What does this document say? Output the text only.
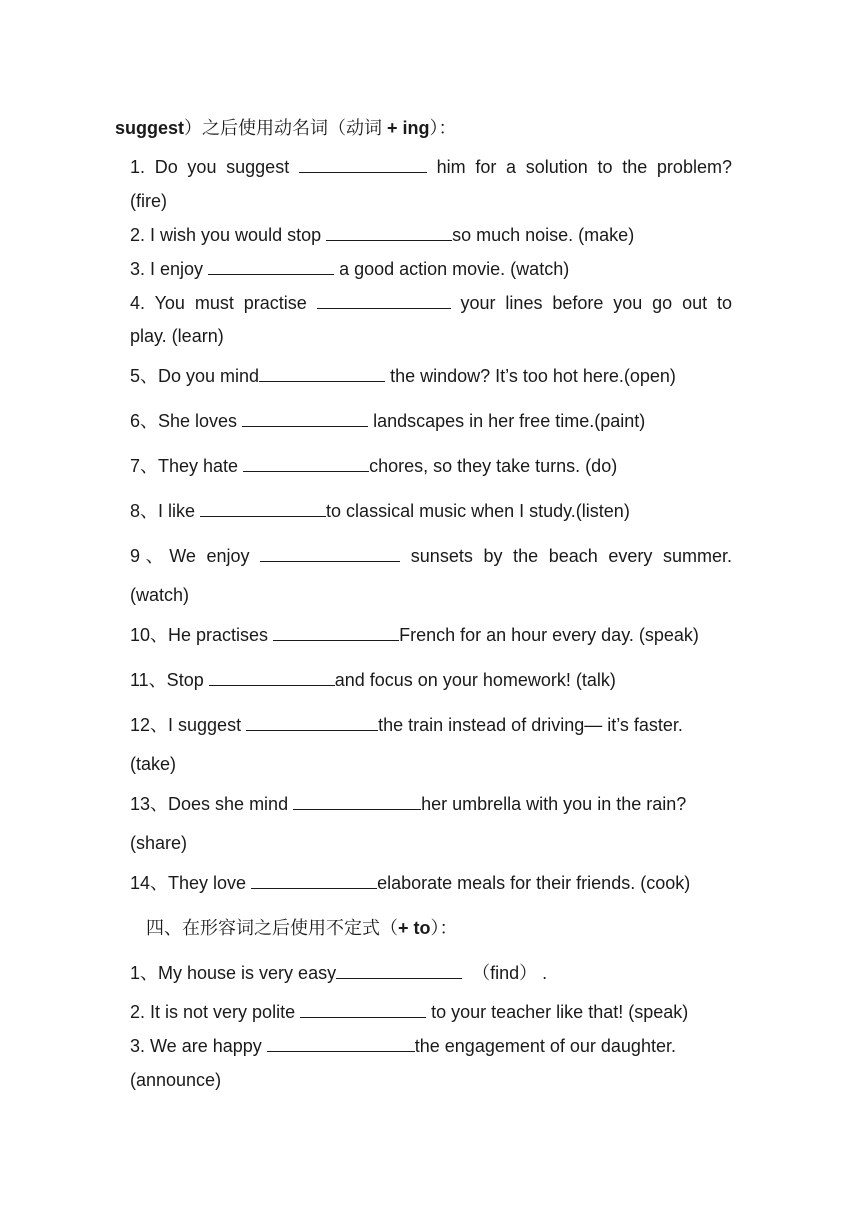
suggest）之后使用动名词（动词 + ing）：
1. Do you suggest	him for a solution to the problem?
(fire)
2. I wish you would stop	so much noise. (make)
3. I enjoy	a good action movie. (watch)
4. You must practise	your lines before you go out to
play. (learn)
5、Do you mind	the window? It’s too hot here.(open)
6、She loves	landscapes in her free time.(paint)
7、They hate	chores, so they take turns. (do)
8、I like	to classical music when I study.(listen)
9、We enjoy	sunsets by the beach every summer.
(watch)
10、He practises	French for an hour every day. (speak)
11、Stop	and focus on your homework! (talk)
12、I suggest	the train instead of driving— it’s faster.
(take)
13、Does she mind	her umbrella with you in the rain?
(share)
14、They love	elaborate meals for their friends. (cook)
四、在形容词之后使用不定式（+ to）：
1、My house is very easy	（find） .
2. It is not very polite	to your teacher like that! (speak)
3. We are happy	the engagement of our daughter.
(announce)
